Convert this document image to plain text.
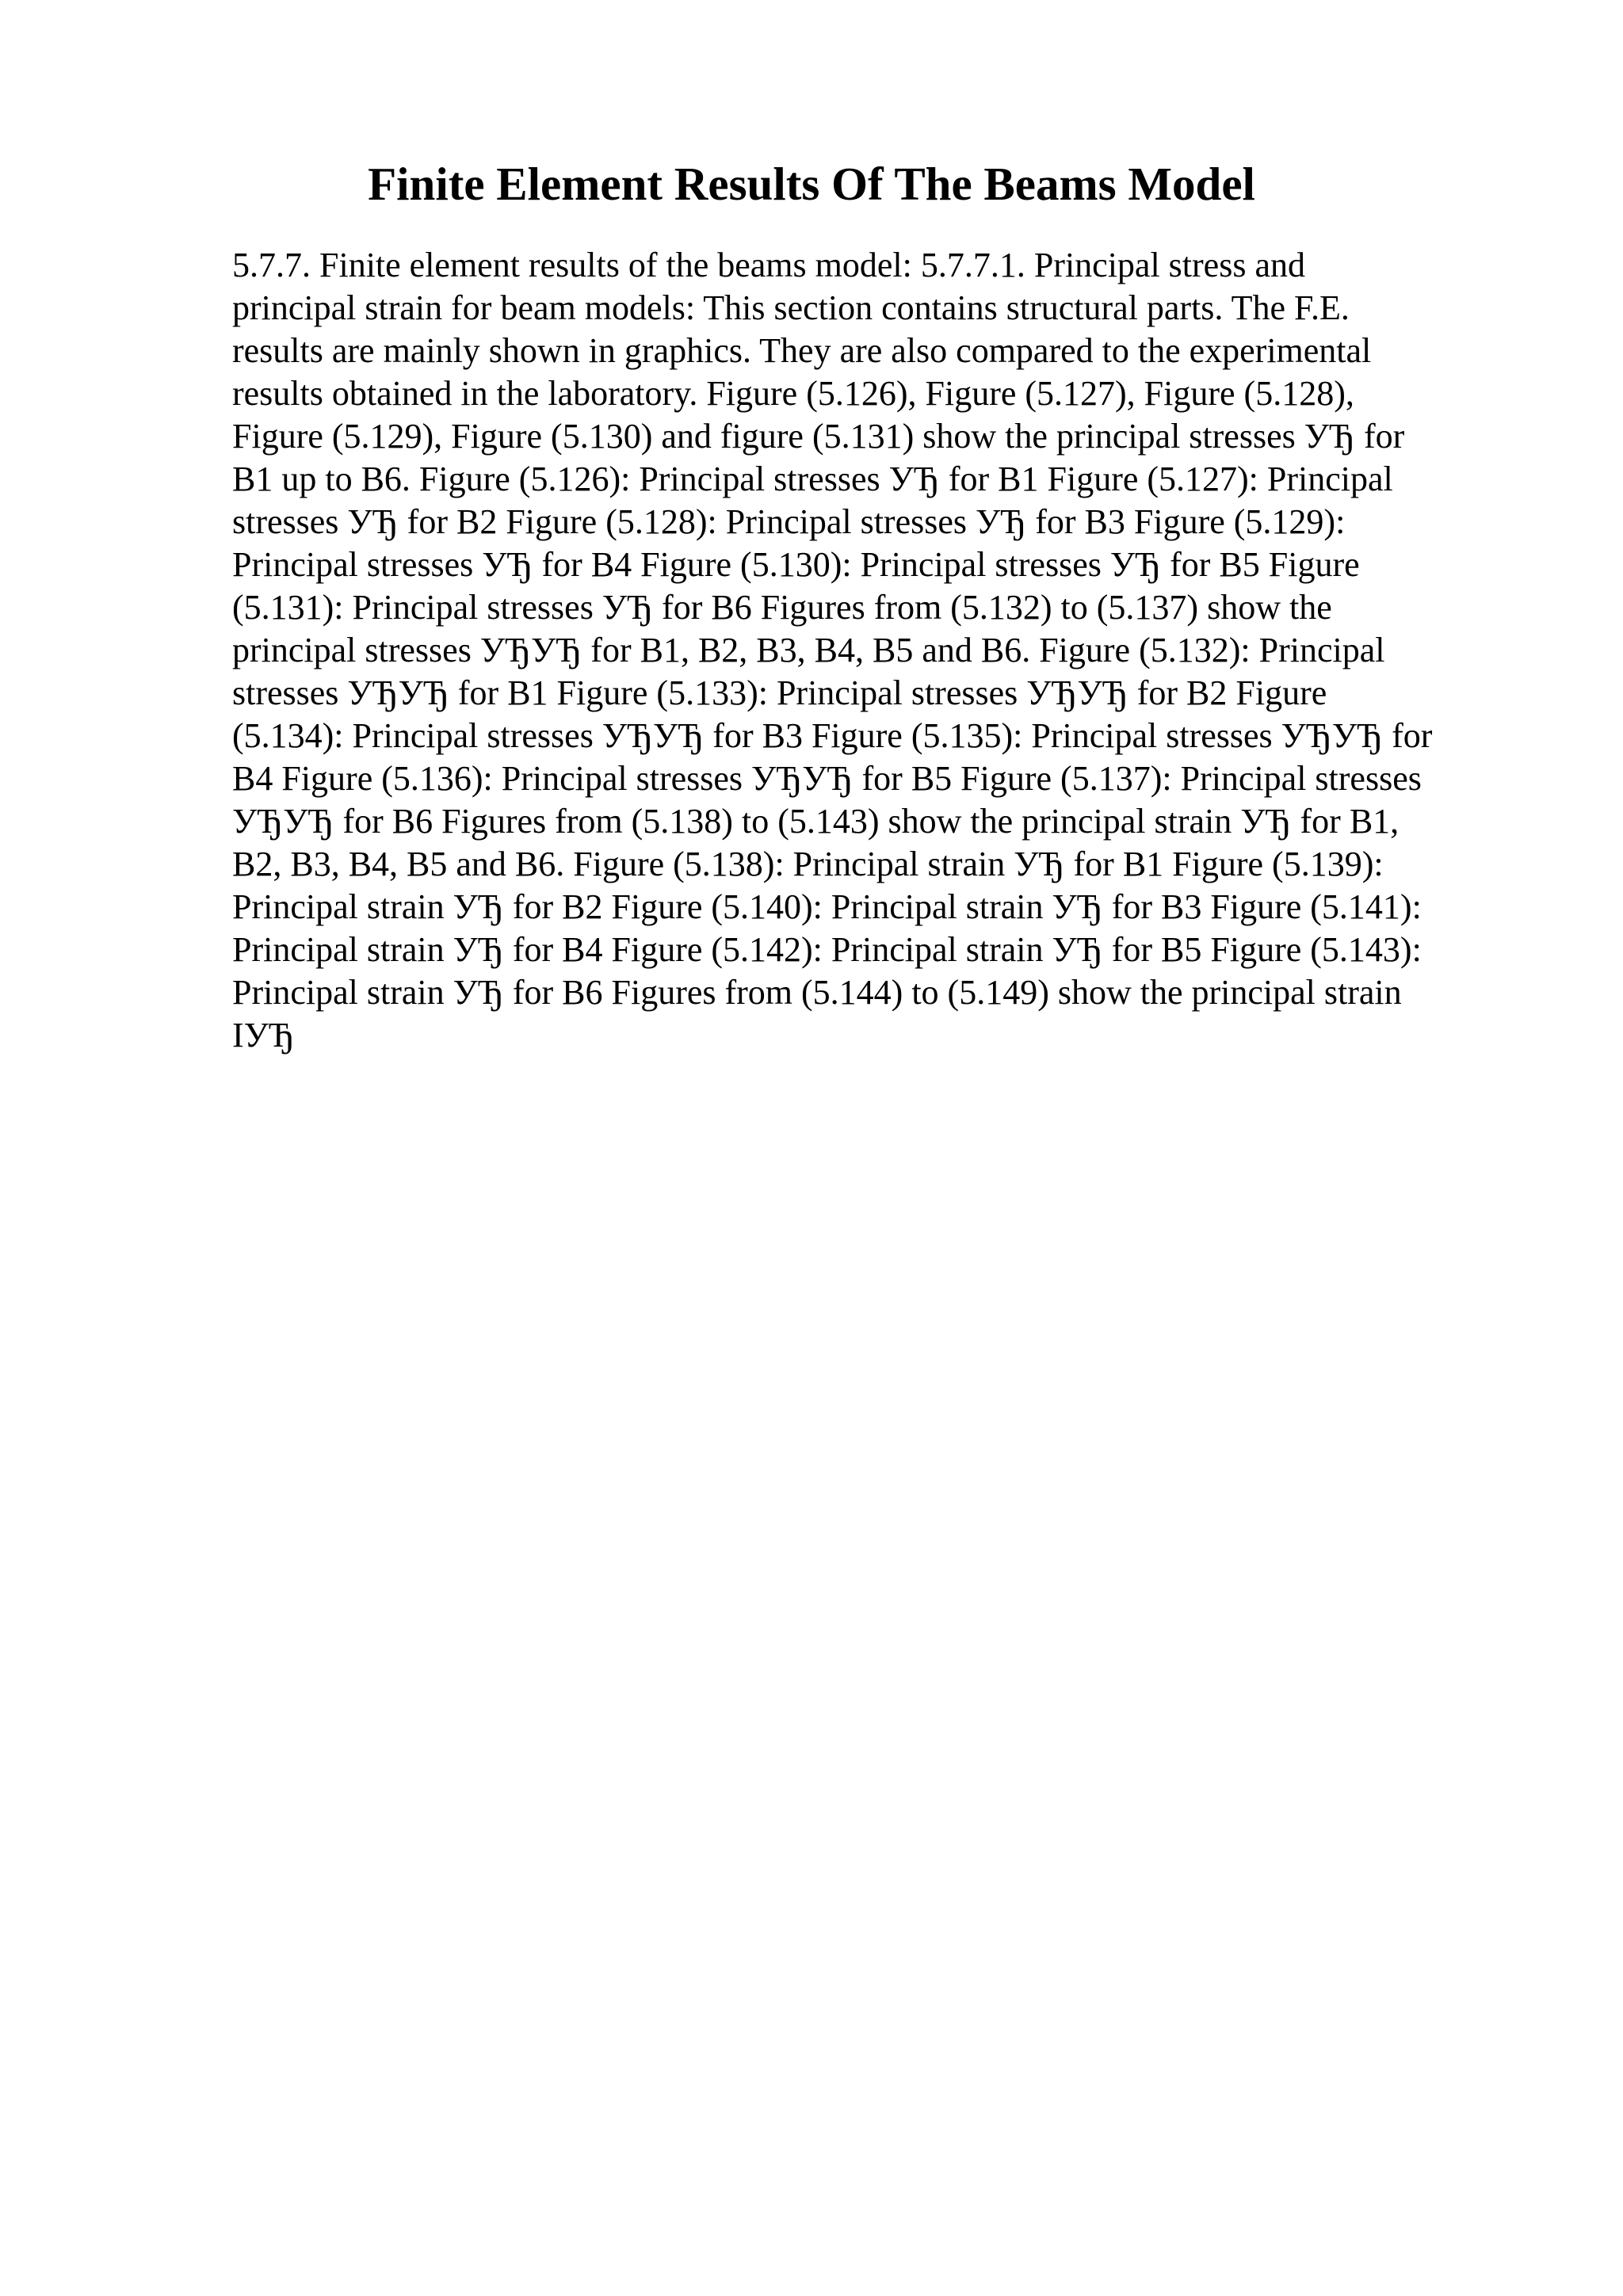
Finite Element Results Of The Beams Model
5.7.7. Finite element results of the beams model: 5.7.7.1. Principal stress and
principal strain for beam models: This section contains structural parts. The F.E.
results are mainly shown in graphics. They are also compared to the experimental
results obtained in the laboratory. Figure (5.126), Figure (5.127), Figure (5.128),
Figure (5.129), Figure (5.130) and figure (5.131) show the principal stresses УЂ for
B1 up to B6. Figure (5.126): Principal stresses УЂ for B1 Figure (5.127): Principal
stresses УЂ for B2 Figure (5.128): Principal stresses УЂ for B3 Figure (5.129):
Principal stresses УЂ for B4 Figure (5.130): Principal stresses УЂ for B5 Figure
(5.131): Principal stresses УЂ for B6 Figures from (5.132) to (5.137) show the
principal stresses УЂУЂ for B1, B2, B3, B4, B5 and B6. Figure (5.132): Principal
stresses УЂУЂ for B1 Figure (5.133): Principal stresses УЂУЂ for B2 Figure
(5.134): Principal stresses УЂУЂ for B3 Figure (5.135): Principal stresses УЂУЂ for
B4 Figure (5.136): Principal stresses УЂУЂ for B5 Figure (5.137): Principal stresses
УЂУЂ for B6 Figures from (5.138) to (5.143) show the principal strain УЂ for B1,
B2, B3, B4, B5 and B6. Figure (5.138): Principal strain УЂ for B1 Figure (5.139):
Principal strain УЂ for B2 Figure (5.140): Principal strain УЂ for B3 Figure (5.141):
Principal strain УЂ for B4 Figure (5.142): Principal strain УЂ for B5 Figure (5.143):
Principal strain УЂ for B6 Figures from (5.144) to (5.149) show the principal strain
IУЂ
